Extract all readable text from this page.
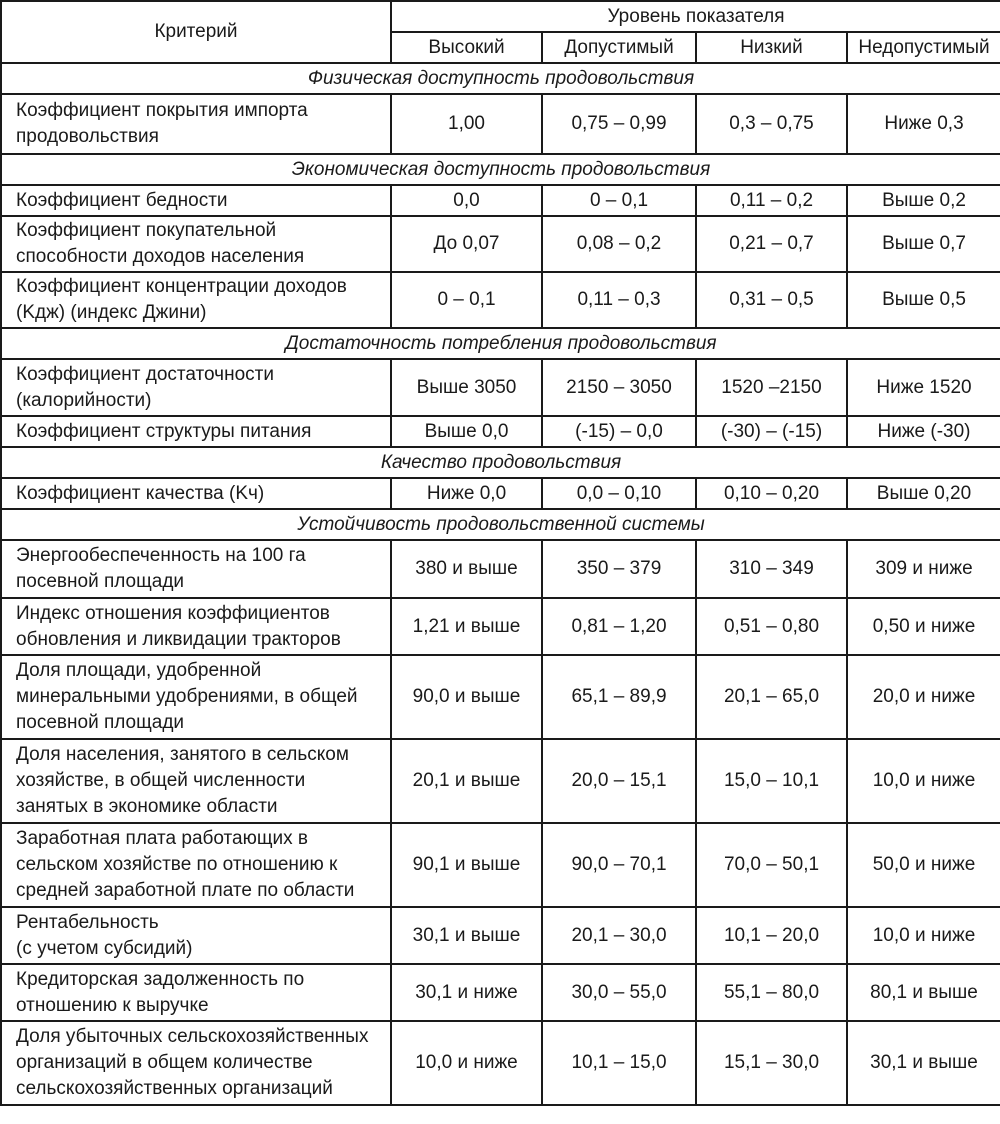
Критерий	Уровень показателя			
	Высокий	Допустимый	Низкий	Недопустимый
Физическая доступность продовольствия				

Коэффициент покрытия импорта
продовольствия	1,00	0,75 – 0,99	0,3 – 0,75	Ниже 0,3
Экономическая доступность продовольствия				

Коэффициент бедности	0,0	0 – 0,1	0,11 – 0,2	Выше 0,2

Коэффициент покупательной
способности доходов населения	До 0,07	0,08 – 0,2	0,21 – 0,7	Выше 0,7

Коэффициент концентрации доходов
(Kдж) (индекс Джини)	0 – 0,1	0,11 – 0,3	0,31 – 0,5	Выше 0,5
Достаточность потребления продовольствия				

Коэффициент достаточности
(калорийности)	Выше 3050	2150 – 3050	1520 –2150	Ниже 1520

Коэффициент структуры питания	Выше 0,0	(-15) – 0,0	(-30) – (-15)	Ниже (-30)
Качество продовольствия				

Коэффициент качества (Kч)	Ниже 0,0	0,0 – 0,10	0,10 – 0,20	Выше 0,20
Устойчивость продовольственной системы				

Энергообеспеченность на 100 га
посевной площади	380 и выше	350 – 379	310 – 349	309 и ниже

Индекс отношения коэффициентов
обновления и ликвидации тракторов	1,21 и выше	0,81 – 1,20	0,51 – 0,80	0,50 и ниже

Доля площади, удобренной
минеральными удобрениями, в общей
посевной площади	90,0 и выше	65,1 – 89,9	20,1 – 65,0	20,0 и ниже

Доля населения, занятого в сельском
хозяйстве, в общей численности
занятых в экономике области	20,1 и выше	20,0 – 15,1	15,0 – 10,1	10,0 и ниже

Заработная плата работающих в
сельском хозяйстве по отношению к
средней заработной плате по области	90,1 и выше	90,0 – 70,1	70,0 – 50,1	50,0 и ниже

Рентабельность
(с учетом субсидий)	30,1 и выше	20,1 – 30,0	10,1 – 20,0	10,0 и ниже

Кредиторская задолженность по
отношению к выручке	30,1 и ниже	30,0 – 55,0	55,1 – 80,0	80,1 и выше

Доля убыточных сельскохозяйственных
организаций в общем количестве
сельскохозяйственных организаций	10,0 и ниже	10,1 – 15,0	15,1 – 30,0	30,1 и выше
